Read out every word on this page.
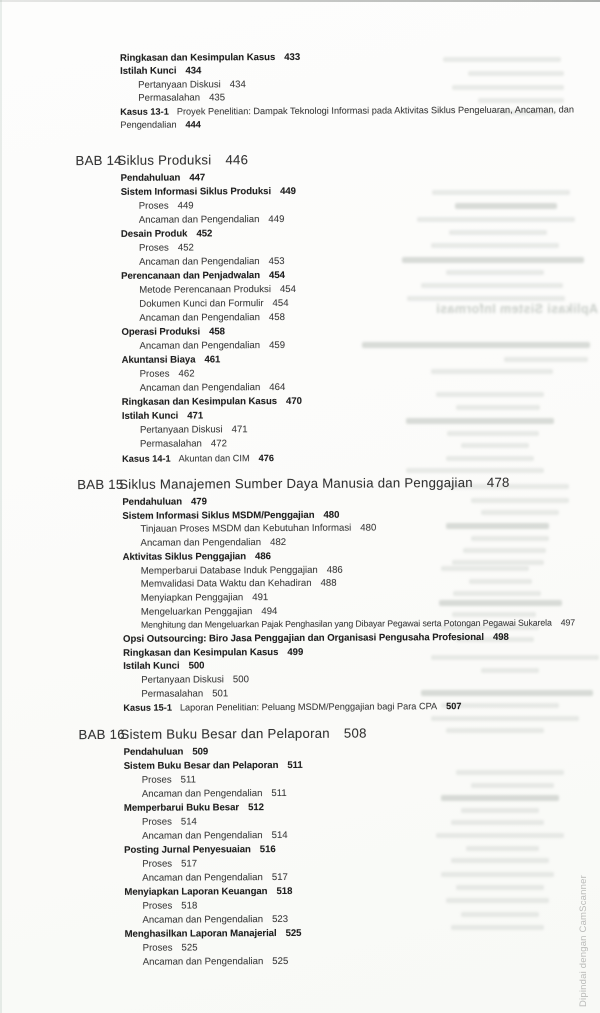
Aplikasi Sistem Informasi
Ringkasan dan Kesimpulan Kasus 433
Istilah Kunci 434
Pertanyaan Diskusi 434
Permasalahan 435
Kasus 13-1 Proyek Penelitian: Dampak Teknologi Informasi pada Aktivitas Siklus Pengeluaran, Ancaman, dan Pengendalian 444
BAB 14Siklus Produksi 446
Pendahuluan 447
Sistem Informasi Siklus Produksi 449
Proses 449
Ancaman dan Pengendalian 449
Desain Produk 452
Proses 452
Ancaman dan Pengendalian 453
Perencanaan dan Penjadwalan 454
Metode Perencanaan Produksi 454
Dokumen Kunci dan Formulir 454
Ancaman dan Pengendalian 458
Operasi Produksi 458
Ancaman dan Pengendalian 459
Akuntansi Biaya 461
Proses 462
Ancaman dan Pengendalian 464
Ringkasan dan Kesimpulan Kasus 470
Istilah Kunci 471
Pertanyaan Diskusi 471
Permasalahan 472
Kasus 14-1 Akuntan dan CIM 476
BAB 15Siklus Manajemen Sumber Daya Manusia dan Penggajian 478
Pendahuluan 479
Sistem Informasi Siklus MSDM/Penggajian 480
Tinjauan Proses MSDM dan Kebutuhan Informasi 480
Ancaman dan Pengendalian 482
Aktivitas Siklus Penggajian 486
Memperbarui Database Induk Penggajian 486
Memvalidasi Data Waktu dan Kehadiran 488
Menyiapkan Penggajian 491
Mengeluarkan Penggajian 494
Menghitung dan Mengeluarkan Pajak Penghasilan yang Dibayar Pegawai serta Potongan Pegawai Sukarela 497
Opsi Outsourcing: Biro Jasa Penggajian dan Organisasi Pengusaha Profesional 498
Ringkasan dan Kesimpulan Kasus 499
Istilah Kunci 500
Pertanyaan Diskusi 500
Permasalahan 501
Kasus 15-1 Laporan Penelitian: Peluang MSDM/Penggajian bagi Para CPA 507
BAB 16Sistem Buku Besar dan Pelaporan 508
Pendahuluan 509
Sistem Buku Besar dan Pelaporan 511
Proses 511
Ancaman dan Pengendalian 511
Memperbarui Buku Besar 512
Proses 514
Ancaman dan Pengendalian 514
Posting Jurnal Penyesuaian 516
Proses 517
Ancaman dan Pengendalian 517
Menyiapkan Laporan Keuangan 518
Proses 518
Ancaman dan Pengendalian 523
Menghasilkan Laporan Manajerial 525
Proses 525
Ancaman dan Pengendalian 525	Dipindai dengan CamScanner
